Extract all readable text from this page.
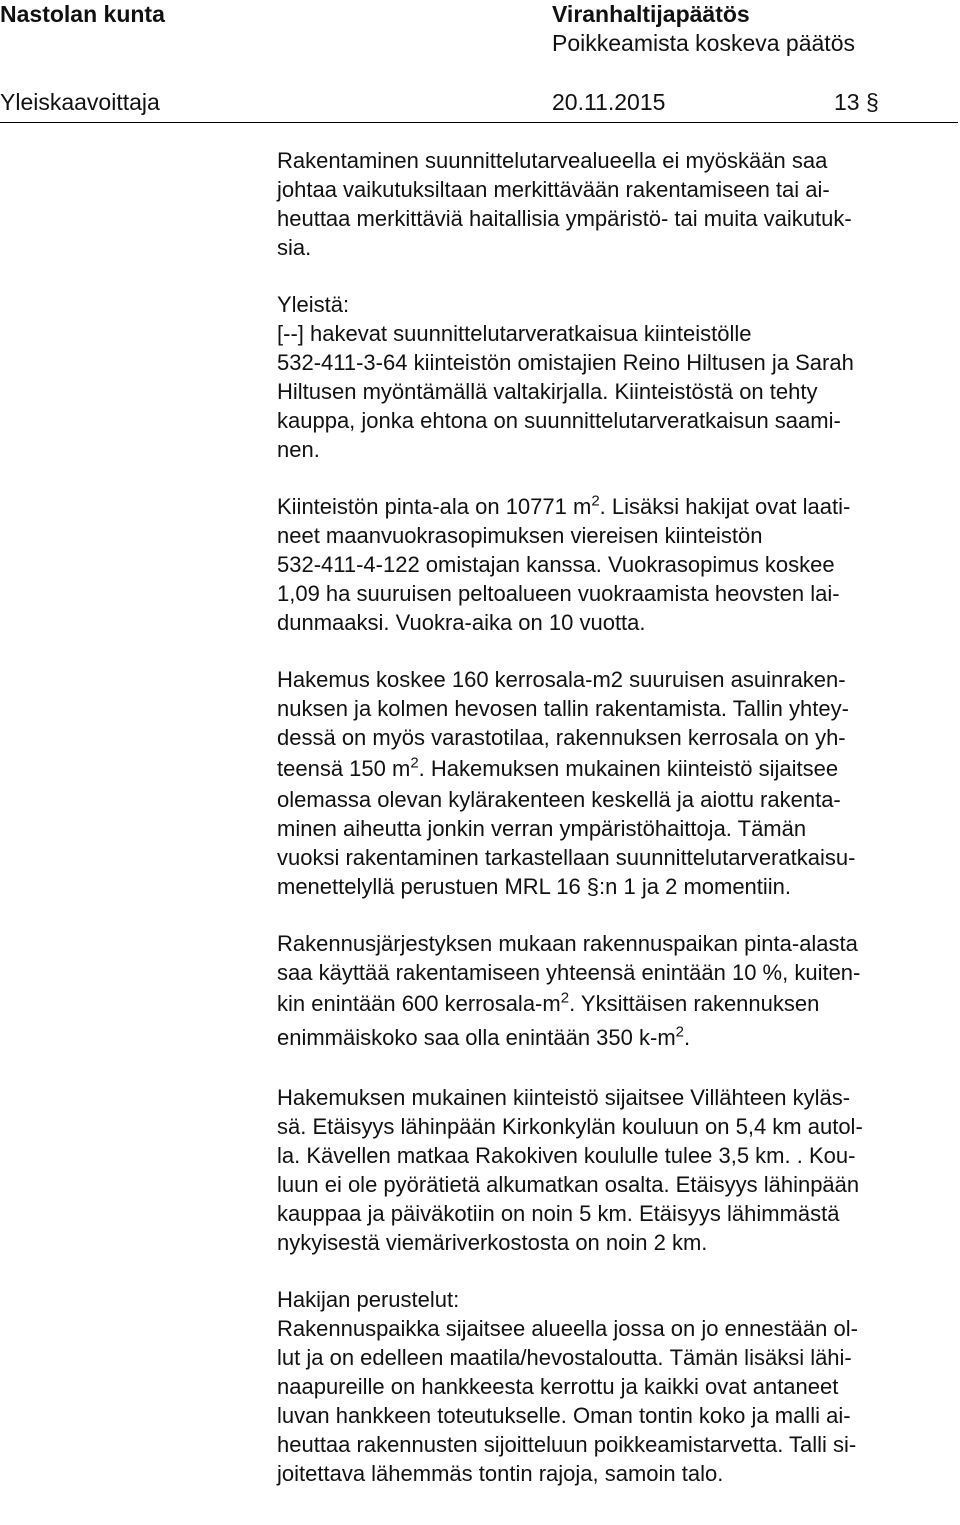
Nastolan kunta	Viranhaltijapäätös
Poikkeamista koskeva päätös
Yleiskaavoittaja	20.11.2015	13 §
Rakentaminen suunnittelutarvealueella ei myöskään saa
johtaa vaikutuksiltaan merkittävään rakentamiseen tai ai-
heuttaa merkittäviä haitallisia ympäristö- tai muita vaikutuk-
sia.
Yleistä:
[--] hakevat suunnittelutarveratkaisua kiinteistölle
532-411-3-64 kiinteistön omistajien Reino Hiltusen ja Sarah
Hiltusen myöntämällä valtakirjalla. Kiinteistöstä on tehty
kauppa, jonka ehtona on suunnittelutarveratkaisun saami-
nen.
Kiinteistön pinta-ala on 10771 $m^2$. Lisäksi hakijat ovat laati-
neet maanvuokrasopimuksen viereisen kiinteistön
532-411-4-122 omistajan kanssa. Vuokrasopimus koskee
1,09 ha suuruisen peltoalueen vuokraamista heovsten lai-
dunmaaksi. Vuokra-aika on 10 vuotta.
Hakemus koskee 160 kerrosala-m2 suuruisen asuinraken-
nuksen ja kolmen hevosen tallin rakentamista. Tallin yhtey-
dessä on myös varastotilaa, rakennuksen kerrosala on yh-
teensä 150 $m^2$. Hakemuksen mukainen kiinteistö sijaitsee
olemassa olevan kylärakenteen keskellä ja aiottu rakenta-
minen aiheutta jonkin verran ympäristöhaittoja. Tämän
vuoksi rakentaminen tarkastellaan suunnittelutarveratkaisu-
menettelyllä perustuen MRL 16 §:n 1 ja 2 momentiin.
Rakennusjärjestyksen mukaan rakennuspaikan pinta-alasta
saa käyttää rakentamiseen yhteensä enintään 10 %, kuiten-
kin enintään 600 kerrosala-$m^2$. Yksittäisen rakennuksen
enimmäiskoko saa olla enintään 350 $k-m^2$.
Hakemuksen mukainen kiinteistö sijaitsee Villähteen kyläs-
sä. Etäisyys lähinpään Kirkonkylän kouluun on 5,4 km autol-
la. Kävellen matkaa Rakokiven koululle tulee 3,5 km. . Kou-
luun ei ole pyörätietä alkumatkan osalta. Etäisyys lähinpään
kauppaa ja päiväkotiin on noin 5 km. Etäisyys lähimmästä
nykyisestä viemäriverkostosta on noin 2 km.
Hakijan perustelut:
Rakennuspaikka sijaitsee alueella jossa on jo ennestään ol-
lut ja on edelleen maatila/hevostalouttа. Tämän lisäksi lähi-
naapureille on hankkeesta kerrottu ja kaikki ovat antaneet
luvan hankkeen toteutukselle. Oman tontin koko ja malli ai-
heuttaa rakennusten sijoitteluun poikkeamistarvetta. Talli si-
joitettava lähemmäs tontin rajoja, samoin talo.
